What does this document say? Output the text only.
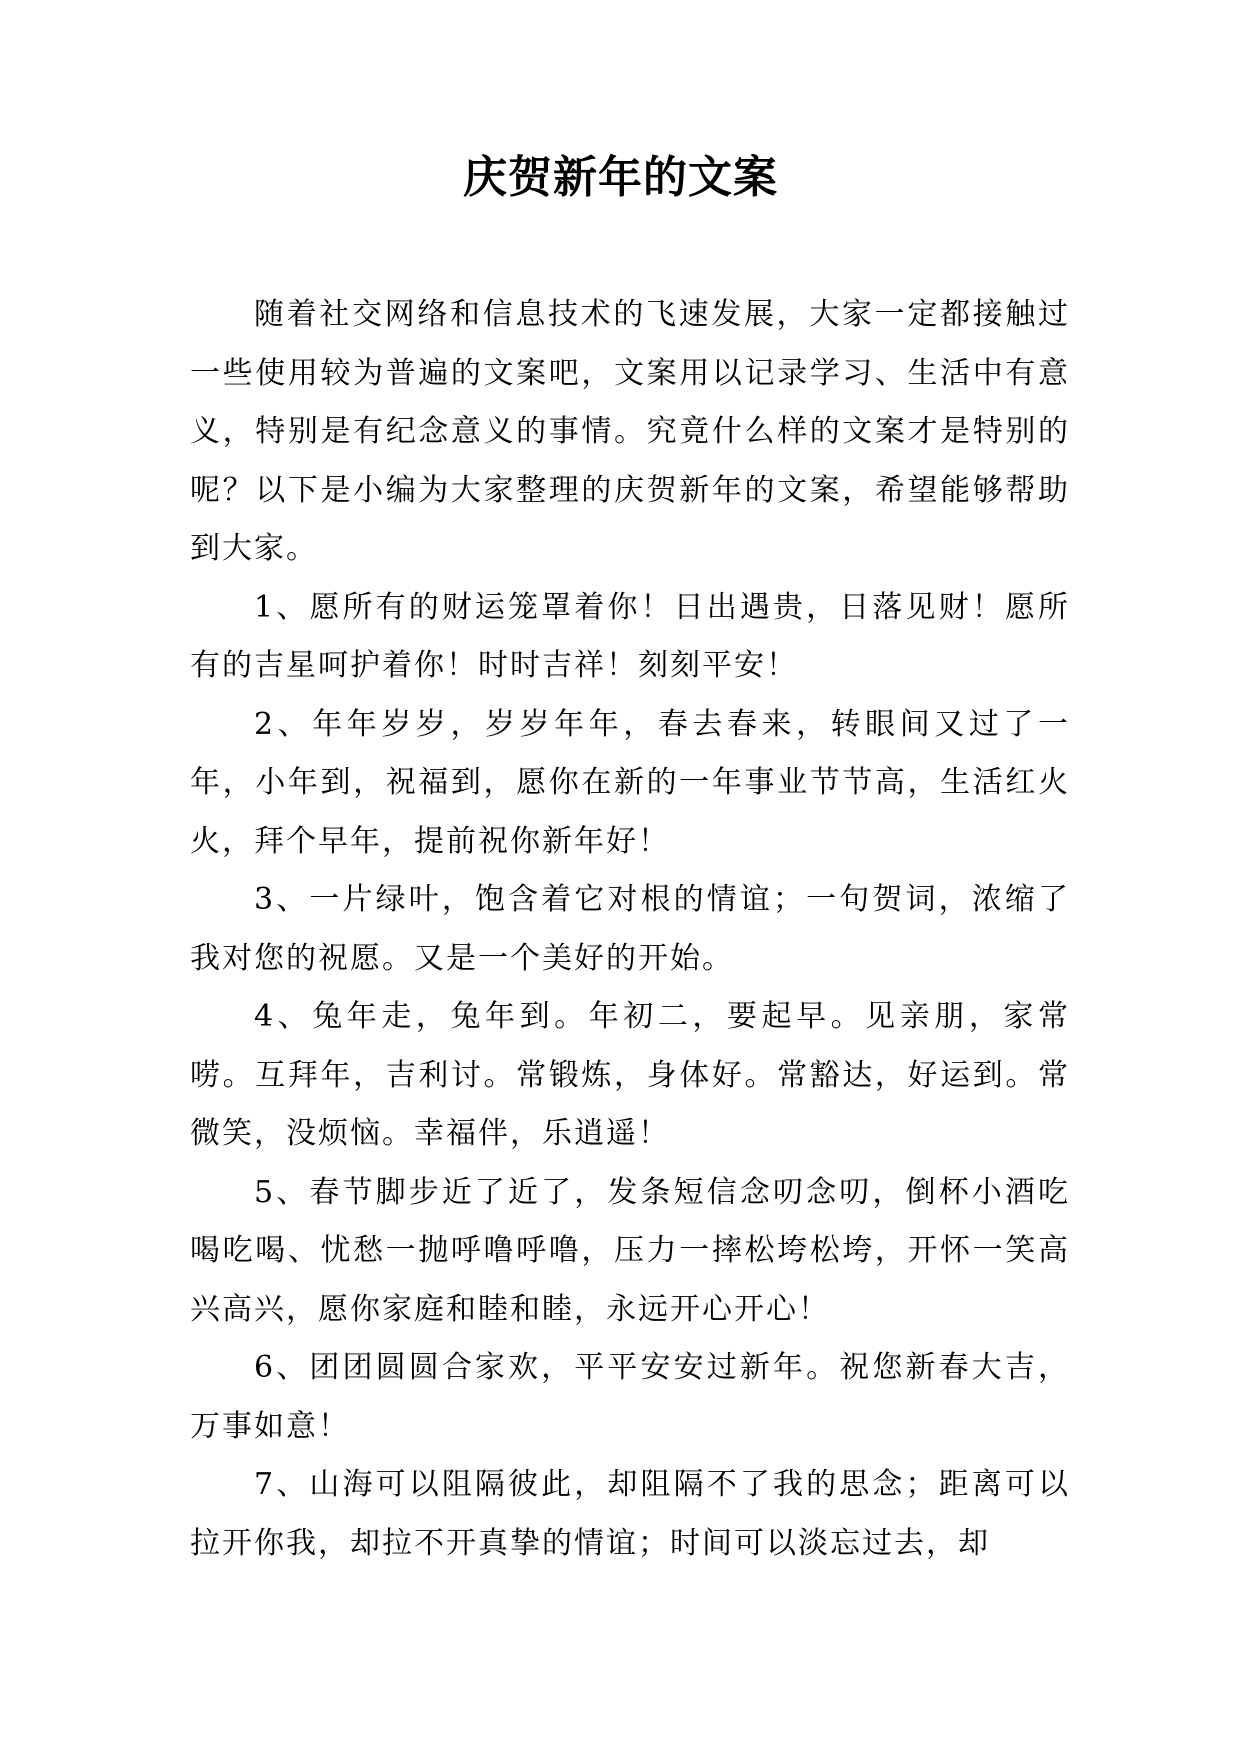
庆贺新年的文案

随着社交网络和信息技术的飞速发展，大家一定都接触过一些使用较为普遍的文案吧，文案用以记录学习、生活中有意义，特别是有纪念意义的事情。究竟什么样的文案才是特别的呢？以下是小编为大家整理的庆贺新年的文案，希望能够帮助到大家。

1、愿所有的财运笼罩着你！日出遇贵，日落见财！愿所有的吉星呵护着你！时时吉祥！刻刻平安！

2、年年岁岁，岁岁年年，春去春来，转眼间又过了一年，小年到，祝福到，愿你在新的一年事业节节高，生活红火火，拜个早年，提前祝你新年好！

3、一片绿叶，饱含着它对根的情谊；一句贺词，浓缩了我对您的祝愿。又是一个美好的开始。

4、兔年走，兔年到。年初二，要起早。见亲朋，家常唠。互拜年，吉利讨。常锻炼，身体好。常豁达，好运到。常微笑，没烦恼。幸福伴，乐逍遥！

5、春节脚步近了近了，发条短信念叨念叨，倒杯小酒吃喝吃喝、忧愁一抛呼噜呼噜，压力一摔松垮松垮，开怀一笑高兴高兴，愿你家庭和睦和睦，永远开心开心！

6、团团圆圆合家欢，平平安安过新年。祝您新春大吉，万事如意！

7、山海可以阻隔彼此，却阻隔不了我的思念；距离可以拉开你我，却拉不开真挚的情谊；时间可以淡忘过去，却
